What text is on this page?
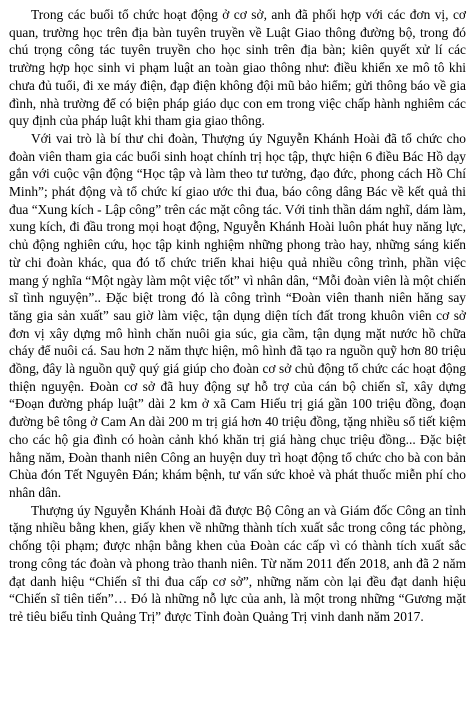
Trong các buổi tổ chức hoạt động ở cơ sở, anh đã phối hợp với các đơn vị, cơ quan, trường học trên địa bàn tuyên truyền về Luật Giao thông đường bộ, trong đó chú trọng công tác tuyên truyền cho học sinh trên địa bàn; kiên quyết xử lí các trường hợp học sinh vi phạm luật an toàn giao thông như: điều khiển xe mô tô khi chưa đủ tuổi, đi xe máy điện, đạp điện không đội mũ bảo hiểm; gửi thông báo về gia đình, nhà trường để có biện pháp giáo dục con em trong việc chấp hành nghiêm các quy định của pháp luật khi tham gia giao thông.

Với vai trò là bí thư chi đoàn, Thượng úy Nguyễn Khánh Hoài đã tổ chức cho đoàn viên tham gia các buổi sinh hoạt chính trị học tập, thực hiện 6 điều Bác Hồ dạy gắn với cuộc vận động “Học tập và làm theo tư tưởng, đạo đức, phong cách Hồ Chí Minh”; phát động và tổ chức kí giao ước thi đua, báo công dâng Bác về kết quả thi đua “Xung kích - Lập công” trên các mặt công tác. Với tinh thần dám nghĩ, dám làm, xung kích, đi đầu trong mọi hoạt động, Nguyễn Khánh Hoài luôn phát huy năng lực, chủ động nghiên cứu, học tập kinh nghiệm những phong trào hay, những sáng kiến từ chi đoàn khác, qua đó tổ chức triển khai hiệu quả nhiều công trình, phần việc mang ý nghĩa “Một ngày làm một việc tốt” vì nhân dân, “Mỗi đoàn viên là một chiến sĩ tình nguyện”.. Đặc biệt trong đó là công trình “Đoàn viên thanh niên hăng say tăng gia sản xuất” sau giờ làm việc, tận dụng diện tích đất trong khuôn viên cơ sở đơn vị xây dựng mô hình chăn nuôi gia súc, gia cầm, tận dụng mặt nước hồ chữa cháy để nuôi cá. Sau hơn 2 năm thực hiện, mô hình đã tạo ra nguồn quỹ hơn 80 triệu đồng, đây là nguồn quỹ quý giá giúp cho đoàn cơ sở chủ động tổ chức các hoạt động thiện nguyện. Đoàn cơ sở đã huy động sự hỗ trợ của cán bộ chiến sĩ, xây dựng “Đoạn đường pháp luật” dài 2 km ở xã Cam Hiếu trị giá gần 100 triệu đồng, đoạn đường bê tông ở Cam An dài 200 m trị giá hơn 40 triệu đồng, tặng nhiều sổ tiết kiệm cho các hộ gia đình có hoàn cảnh khó khăn trị giá hàng chục triệu đồng... Đặc biệt hằng năm, Đoàn thanh niên Công an huyện duy trì hoạt động tổ chức cho bà con bản Chùa đón Tết Nguyên Đán; khám bệnh, tư vấn sức khoẻ và phát thuốc miễn phí cho nhân dân.

Thượng úy Nguyễn Khánh Hoài đã được Bộ Công an và Giám đốc Công an tỉnh tặng nhiều bằng khen, giấy khen về những thành tích xuất sắc trong công tác phòng, chống tội phạm; được nhận bằng khen của Đoàn các cấp vì có thành tích xuất sắc trong công tác đoàn và phong trào thanh niên. Từ năm 2011 đến 2018, anh đã 2 năm đạt danh hiệu “Chiến sĩ thi đua cấp cơ sở”, những năm còn lại đều đạt danh hiệu “Chiến sĩ tiên tiến”… Đó là những nỗ lực của anh, là một trong những “Gương mặt trẻ tiêu biểu tỉnh Quảng Trị” được Tỉnh đoàn Quảng Trị vinh danh năm 2017.
